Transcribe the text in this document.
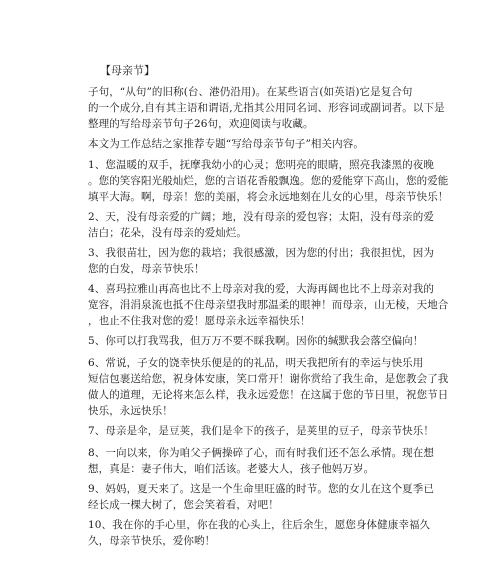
【母亲节】
子句，“从句”的旧称(台、港仍沿用)。在某些语言(如英语)它是复合句
的一个成分,自有其主语和谓语,尤指其公用同名词、形容词或副词者。以下是
整理的写给母亲节句子26句，欢迎阅读与收藏。
本文为工作总结之家推荐专题“写给母亲节句子”相关内容。
1、您温暖的双手，抚摩我幼小的心灵；您明亮的眼睛，照亮我漆黑的夜晚
。您的笑容阳光般灿烂，您的言语花香般飘逸。您的爱能穿下高山，您的爱能
填平大海。啊，母亲！您的美丽，将会永远地刻在儿女的心里，母亲节快乐！
2、天，没有母亲爱的广阔；地，没有母亲的爱包容；太阳，没有母亲的爱
洁白；花朵，没有母亲的爱灿烂。
3、我很苗壮，因为您的栽培；我很感激，因为您的付出；我很担忧，因为
您的白发，母亲节快乐！
4、喜玛拉雅山再高也比不上母亲对我的爱，大海再阔也比不上母亲对我的
宽容，涓涓泉流也抵不住母亲望我时那温柔的眼神！而母亲，山无棱，天地合
，也止不住我对您的爱！愿母亲永远幸福快乐！
5、你可以打我骂我，但万万不要不睬我啊。因你的缄默我会落空偏向！
6、常说，子女的饶幸快乐便是的的礼品，明天我把所有的幸运与快乐用
短信包裹送给您，祝身体安康，笑口常开！谢你赏给了我生命，是您教会了我
做人的道理，无论将来怎么样，我永远爱您！在这属于您的节日里，祝您节日
快乐，永远快乐！
7、母亲是伞，是豆荚，我们是伞下的孩子，是荚里的豆子，母亲节快乐！
8、一向以来，你为咱父子俩操碎了心，而有时我们还不怎么承情。现在想
想，真是：妻子伟大，咱们活该。老婆大人，孩子他妈万岁。
9、妈妈，夏天来了。这是一个生命里旺盛的时节。您的女儿在这个夏季已
经长成一棵大树了，您会笑着看，对吧！
10、我在你的手心里，你在我的心头上，往后余生，愿您身体健康幸福久
久，母亲节快乐，爱你哟！
